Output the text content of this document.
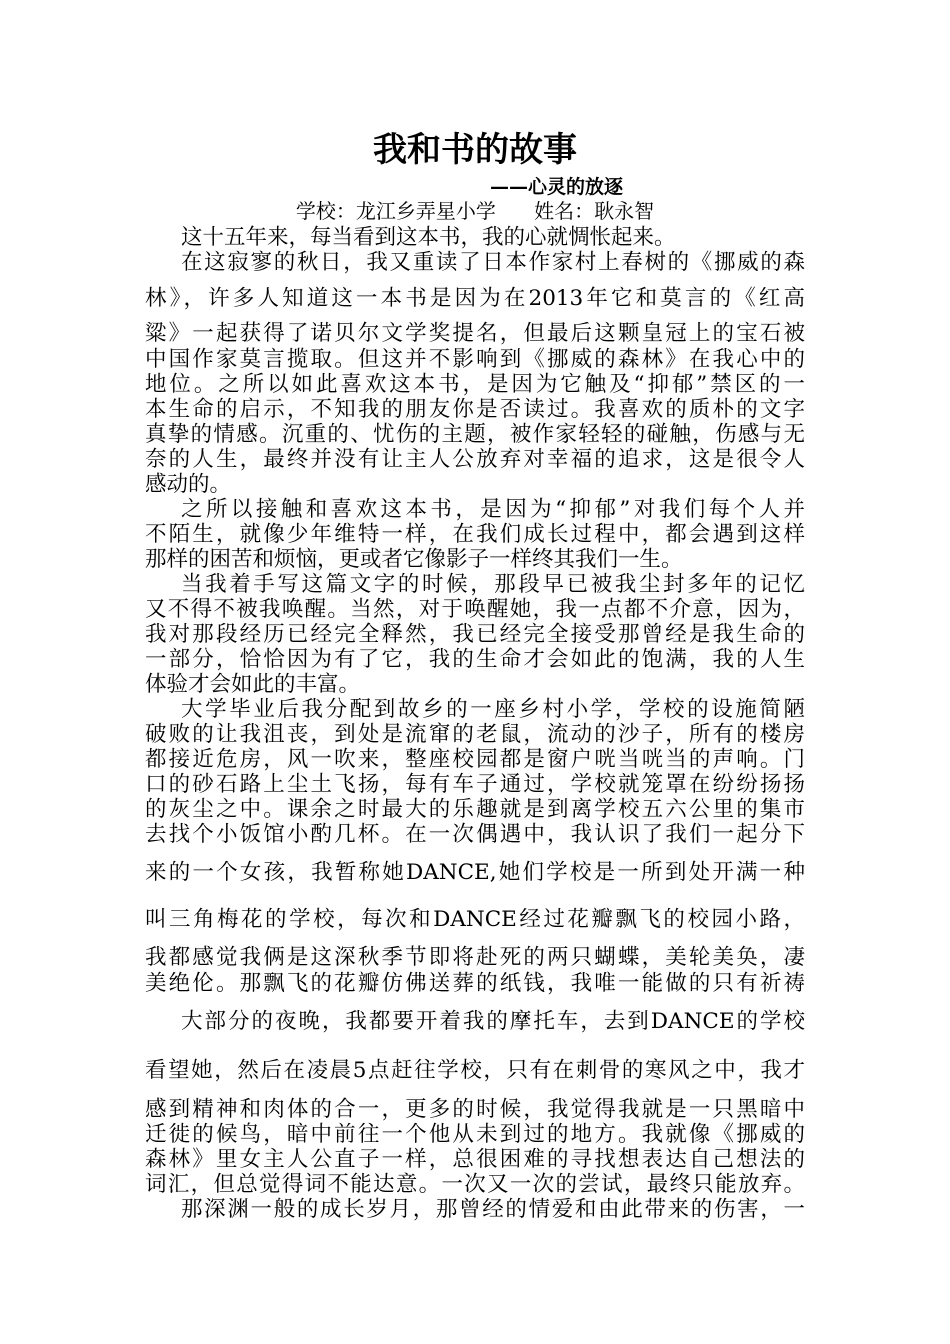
我和书的故事
——心灵的放逐
学校：龙江乡弄星小学      姓名：耿永智
这十五年来，每当看到这本书，我的心就惆怅起来。
在这寂寥的秋日，我又重读了日本作家村上春树的《挪威的森
林》，许多人知道这一本书是因为在2013年它和莫言的《红高
粱》一起获得了诺贝尔文学奖提名，但最后这颗皇冠上的宝石被
中国作家莫言揽取。但这并不影响到《挪威的森林》在我心中的
地位。之所以如此喜欢这本书，是因为它触及“抑郁”禁区的一
本生命的启示，不知我的朋友你是否读过。我喜欢的质朴的文字
真挚的情感。沉重的、忧伤的主题，被作家轻轻的碰触，伤感与无
奈的人生，最终并没有让主人公放弃对幸福的追求，这是很令人
感动的。
之所以接触和喜欢这本书，是因为“抑郁”对我们每个人并
不陌生，就像少年维特一样，在我们成长过程中，都会遇到这样
那样的困苦和烦恼，更或者它像影子一样终其我们一生。
当我着手写这篇文字的时候，那段早已被我尘封多年的记忆
又不得不被我唤醒。当然，对于唤醒她，我一点都不介意，因为，
我对那段经历已经完全释然，我已经完全接受那曾经是我生命的
一部分，恰恰因为有了它，我的生命才会如此的饱满，我的人生
体验才会如此的丰富。
大学毕业后我分配到故乡的一座乡村小学，学校的设施简陋
破败的让我沮丧，到处是流窜的老鼠，流动的沙子，所有的楼房
都接近危房，风一吹来，整座校园都是窗户咣当咣当的声响。门
口的砂石路上尘土飞扬，每有车子通过，学校就笼罩在纷纷扬扬
的灰尘之中。课余之时最大的乐趣就是到离学校五六公里的集市
去找个小饭馆小酌几杯。在一次偶遇中，我认识了我们一起分下
来的一个女孩，我暂称她DANCE,她们学校是一所到处开满一种
叫三角梅花的学校，每次和DANCE经过花瓣飘飞的校园小路，
我都感觉我俩是这深秋季节即将赴死的两只蝴蝶，美轮美奂，凄
美绝伦。那飘飞的花瓣仿佛送葬的纸钱，我唯一能做的只有祈祷
大部分的夜晚，我都要开着我的摩托车，去到DANCE的学校
看望她，然后在凌晨5点赶往学校，只有在刺骨的寒风之中，我才
感到精神和肉体的合一，更多的时候，我觉得我就是一只黑暗中
迁徙的候鸟，暗中前往一个他从未到过的地方。我就像《挪威的
森林》里女主人公直子一样，总很困难的寻找想表达自己想法的
词汇，但总觉得词不能达意。一次又一次的尝试，最终只能放弃。
那深渊一般的成长岁月，那曾经的情爱和由此带来的伤害，一
